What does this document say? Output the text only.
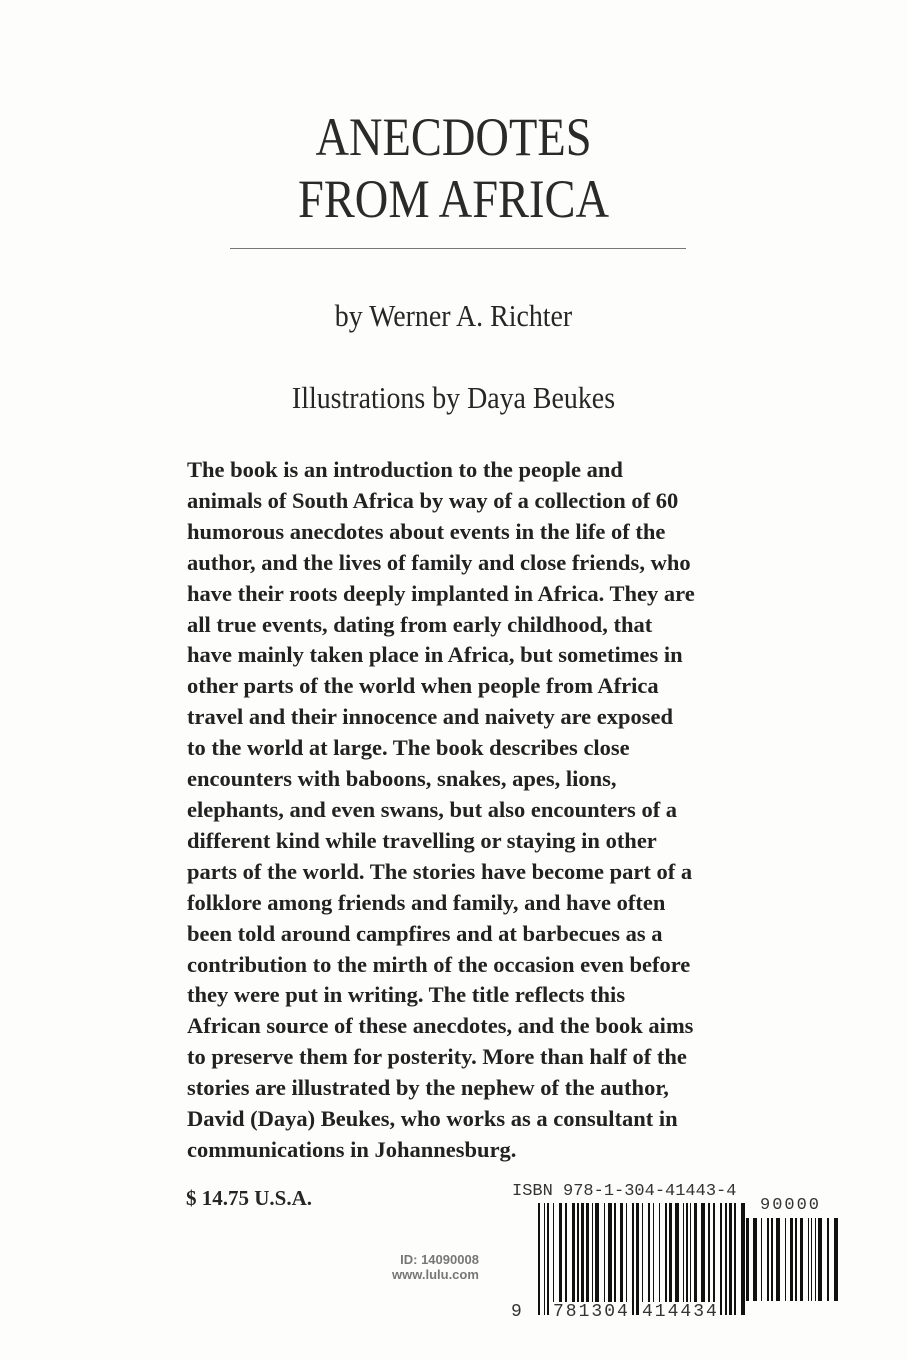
ANECDOTES
FROM AFRICA
by Werner A. Richter
Illustrations by Daya Beukes
The book is an introduction to the people and
animals of South Africa by way of a collection of 60
humorous anecdotes about events in the life of the
author, and the lives of family and close friends, who
have their roots deeply implanted in Africa. They are
all true events, dating from early childhood, that
have mainly taken place in Africa, but sometimes in
other parts of the world when people from Africa
travel and their innocence and naivety are exposed
to the world at large. The book describes close
encounters with baboons, snakes, apes, lions,
elephants, and even swans, but also encounters of a
different kind while travelling or staying in other
parts of the world. The stories have become part of a
folklore among friends and family, and have often
been told around campfires and at barbecues as a
contribution to the mirth of the occasion even before
they were put in writing. The title reflects this
African source of these anecdotes, and the book aims
to preserve them for posterity. More than half of the
stories are illustrated by the nephew of the author,
David (Daya) Beukes, who works as a consultant in
communications in Johannesburg.
$ 14.75 U.S.A.
ID: 14090008
www.lulu.com
ISBN 978-1-304-41443-4
90000
9 781304 414434
